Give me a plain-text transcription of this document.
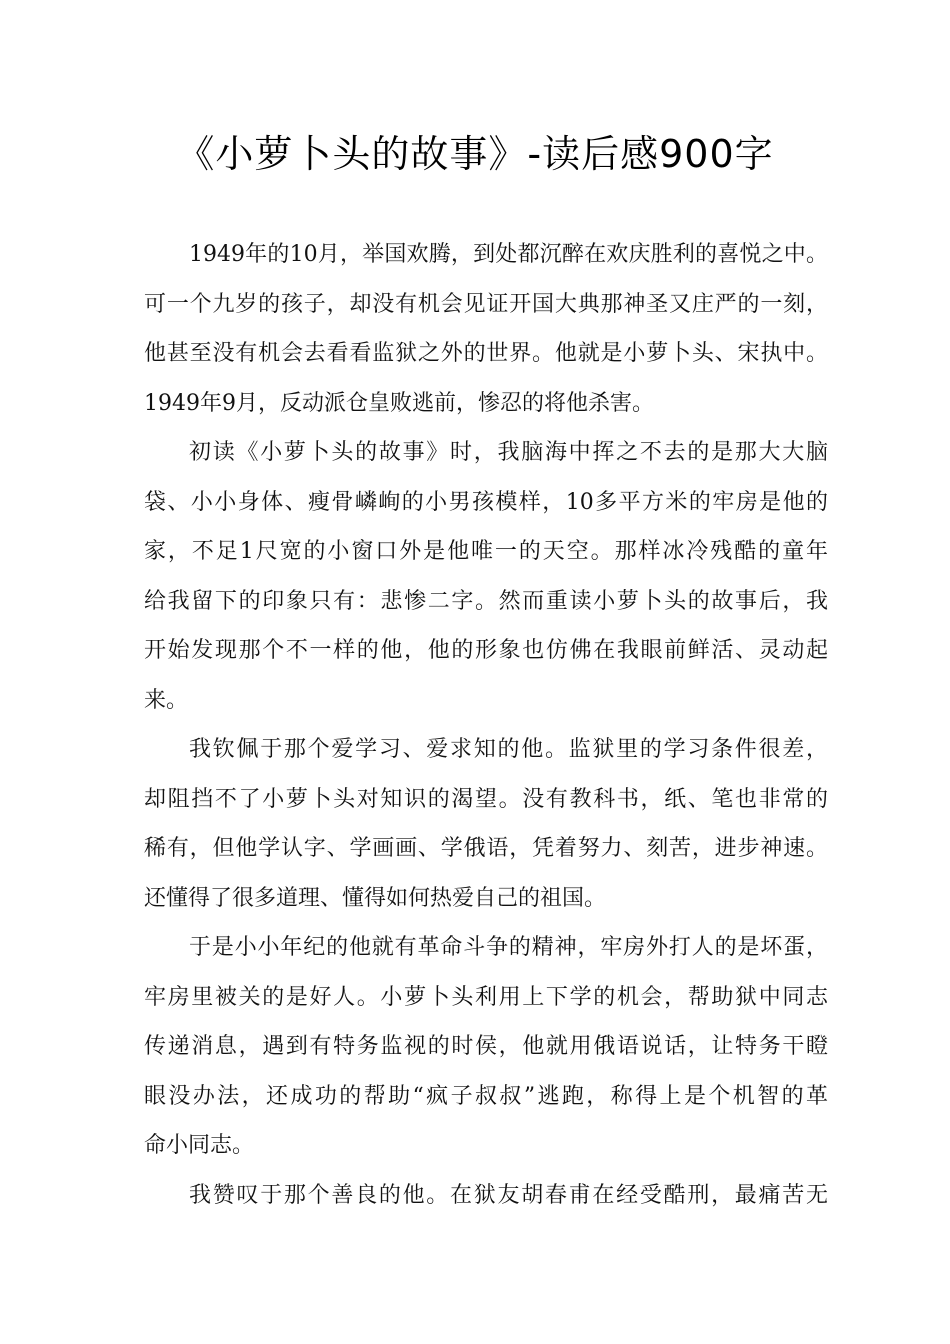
《小萝卜头的故事》-读后感900字
1949年的10月，举国欢腾，到处都沉醉在欢庆胜利的喜悦之中。
可一个九岁的孩子，却没有机会见证开国大典那神圣又庄严的一刻，
他甚至没有机会去看看监狱之外的世界。他就是小萝卜头、宋执中。
1949年9月，反动派仓皇败逃前，惨忍的将他杀害。
初读《小萝卜头的故事》时，我脑海中挥之不去的是那大大脑
袋、小小身体、瘦骨嶙峋的小男孩模样，10多平方米的牢房是他的
家，不足1尺宽的小窗口外是他唯一的天空。那样冰冷残酷的童年
给我留下的印象只有：悲惨二字。然而重读小萝卜头的故事后，我
开始发现那个不一样的他，他的形象也仿佛在我眼前鲜活、灵动起
来。
我钦佩于那个爱学习、爱求知的他。监狱里的学习条件很差，
却阻挡不了小萝卜头对知识的渴望。没有教科书，纸、笔也非常的
稀有，但他学认字、学画画、学俄语，凭着努力、刻苦，进步神速。
还懂得了很多道理、懂得如何热爱自己的祖国。
于是小小年纪的他就有革命斗争的精神，牢房外打人的是坏蛋，
牢房里被关的是好人。小萝卜头利用上下学的机会，帮助狱中同志
传递消息，遇到有特务监视的时侯，他就用俄语说话，让特务干瞪
眼没办法，还成功的帮助“疯子叔叔”逃跑，称得上是个机智的革
命小同志。
我赞叹于那个善良的他。在狱友胡春甫在经受酷刑，最痛苦无
